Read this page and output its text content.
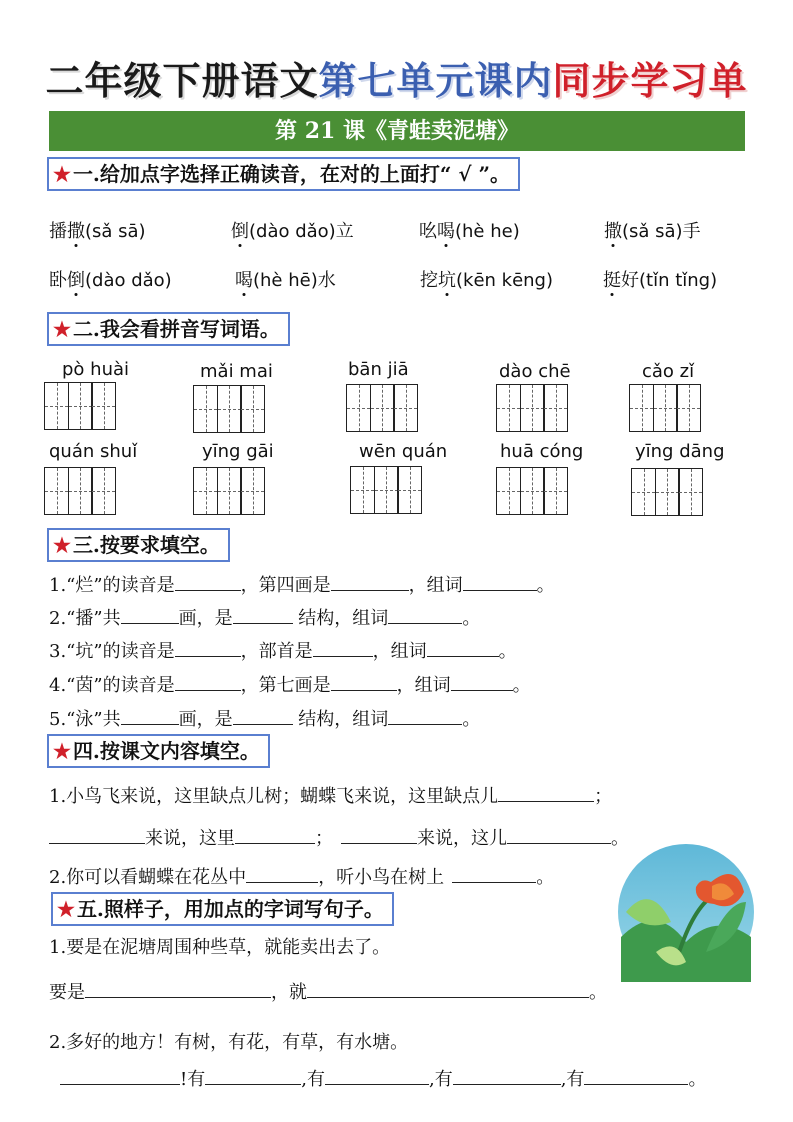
二年级下册语文第七单元课内同步学习单
第 21 课《青蛙卖泥塘》
★ 一.给加点字选择正确读音，在对的上面打“ √ ”。
播撒(sǎ sā)	倒(dào dǎo)立	吆喝(hè he)	撒(sǎ sā)手
卧倒(dào dǎo)	喝(hè hē)水	挖坑(kēn kēng)	挺好(tǐn tǐng)
★ 二.我会看拼音写词语。
pò huài	mǎi mai	bān jiā	dào chē	cǎo zǐ
quán shuǐ	yīng gāi	wēn quán	huā cóng	yīng dāng
★ 三.按要求填空。
1.“烂”的读音是	，第四画是	，组词	。
2.“播”共	画，是	结构，组词	。
3.“坑”的读音是	，部首是	，组词	。
4.“茵”的读音是	，第七画是	，组词	。
5.“泳”共	画，是	结构，组词	。
★ 四.按课文内容填空。
1.小鸟飞来说，这里缺点儿树；蝴蝶飞来说，这里缺点儿	；
来说，这里	；	来说，这儿	。
2.你可以看蝴蝶在花丛中	，听小鸟在树上	。
★ 五.照样子，用加点的字词写句子。
1.要是在泥塘周围种些草，就能卖出去了。
要是	，就	。
2.多好的地方！有树，有花，有草，有水塘。
!有	,有	,有	,有	。
